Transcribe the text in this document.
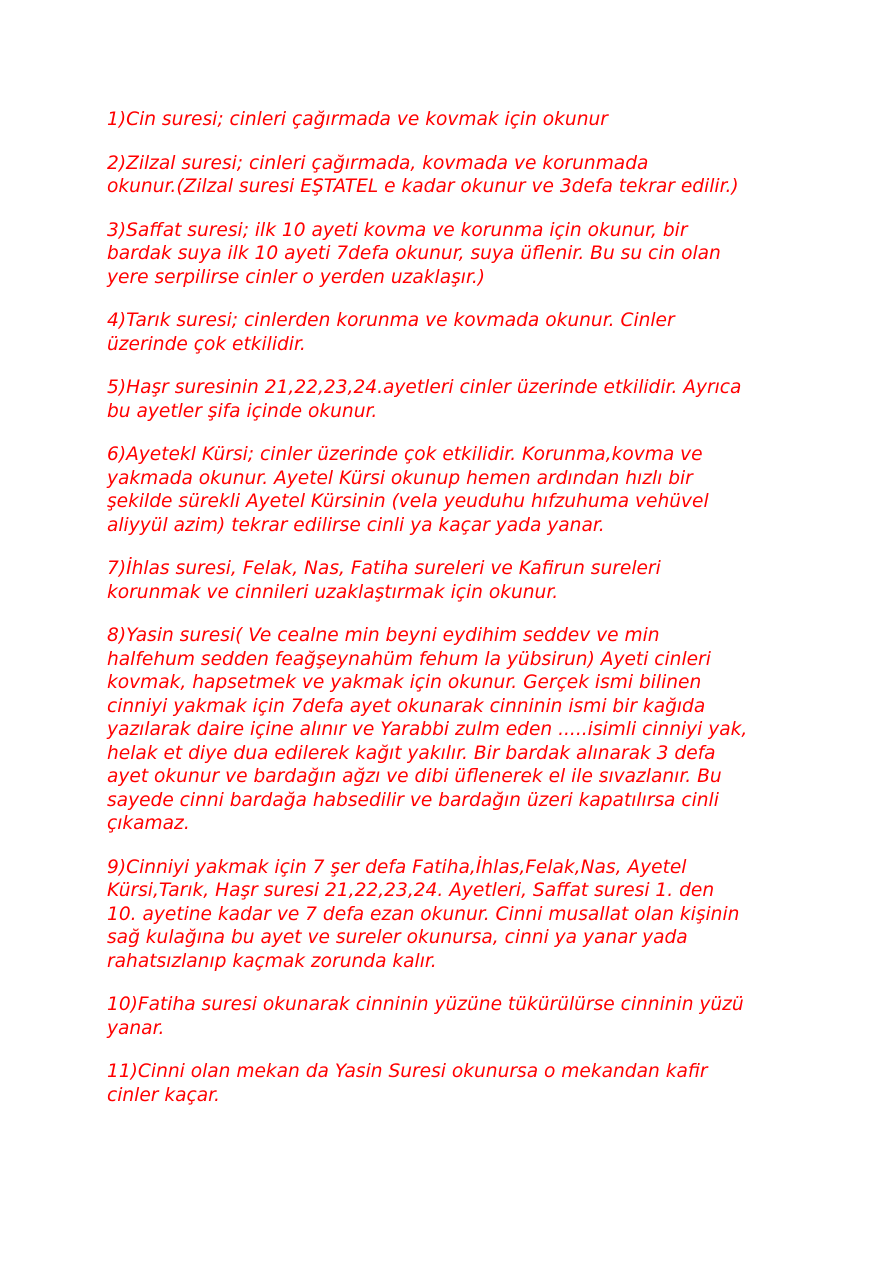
1)Cin suresi; cinleri çağırmada ve kovmak için okunur

2)Zilzal suresi; cinleri çağırmada, kovmada ve korunmada
okunur.(Zilzal suresi EŞTATEL e kadar okunur ve 3defa tekrar edilir.)

3)Saffat suresi; ilk 10 ayeti kovma ve korunma için okunur, bir
bardak suya ilk 10 ayeti 7defa okunur, suya üflenir. Bu su cin olan
yere serpilirse cinler o yerden uzaklaşır.)

4)Tarık suresi; cinlerden korunma ve kovmada okunur. Cinler
üzerinde çok etkilidir.

5)Haşr suresinin 21,22,23,24.ayetleri cinler üzerinde etkilidir. Ayrıca
bu ayetler şifa içinde okunur.

6)Ayetekl Kürsi; cinler üzerinde çok etkilidir. Korunma,kovma ve
yakmada okunur. Ayetel Kürsi okunup hemen ardından hızlı bir
şekilde sürekli Ayetel Kürsinin (vela yeuduhu hıfzuhuma vehüvel
aliyyül azim) tekrar edilirse cinli ya kaçar yada yanar.

7)İhlas suresi, Felak, Nas, Fatiha sureleri ve Kafirun sureleri
korunmak ve cinnileri uzaklaştırmak için okunur.

8)Yasin suresi( Ve cealne min beyni eydihim seddev ve min
halfehum sedden feağşeynahüm fehum la yübsirun) Ayeti cinleri
kovmak, hapsetmek ve yakmak için okunur. Gerçek ismi bilinen
cinniyi yakmak için 7defa ayet okunarak cinninin ismi bir kağıda
yazılarak daire içine alınır ve Yarabbi zulm eden .....isimli cinniyi yak,
helak et diye dua edilerek kağıt yakılır. Bir bardak alınarak 3 defa
ayet okunur ve bardağın ağzı ve dibi üflenerek el ile sıvazlanır. Bu
sayede cinni bardağa habsedilir ve bardağın üzeri kapatılırsa cinli
çıkamaz.

9)Cinniyi yakmak için 7 şer defa Fatiha,İhlas,Felak,Nas, Ayetel
Kürsi,Tarık, Haşr suresi 21,22,23,24. Ayetleri, Saffat suresi 1. den
10. ayetine kadar ve 7 defa ezan okunur. Cinni musallat olan kişinin
sağ kulağına bu ayet ve sureler okunursa, cinni ya yanar yada
rahatsızlanıp kaçmak zorunda kalır.

10)Fatiha suresi okunarak cinninin yüzüne tükürülürse cinninin yüzü
yanar.

11)Cinni olan mekan da Yasin Suresi okunursa o mekandan kafir
cinler kaçar.
